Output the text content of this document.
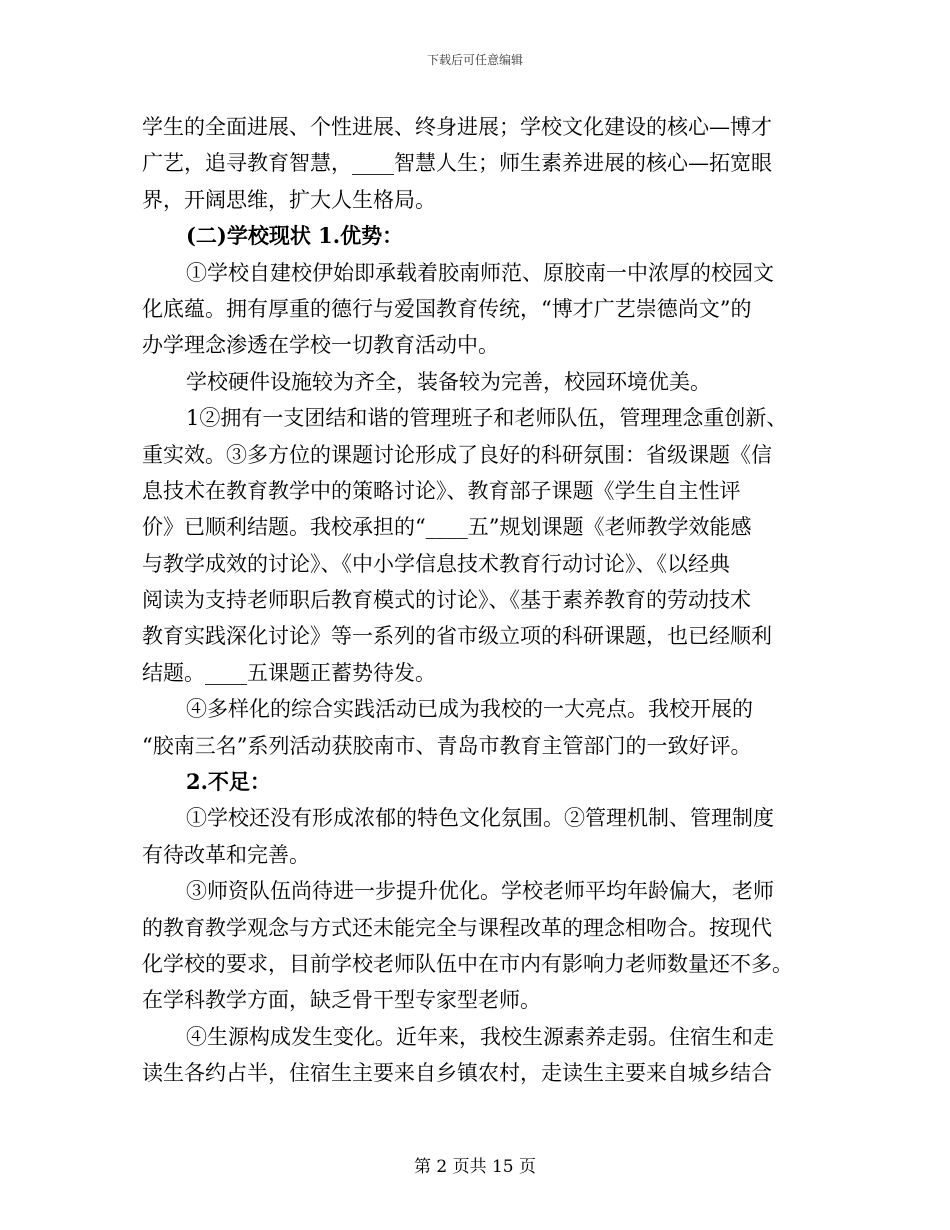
下载后可任意编辑
学生的全面进展、个性进展、终身进展；学校文化建设的核心—博才
广艺，追寻教育智慧，____智慧人生；师生素养进展的核心—拓宽眼
界，开阔思维，扩大人生格局。
(二)学校现状 1.优势：
①学校自建校伊始即承载着胶南师范、原胶南一中浓厚的校园文
化底蕴。拥有厚重的德行与爱国教育传统，“博才广艺崇德尚文”的
办学理念渗透在学校一切教育活动中。
学校硬件设施较为齐全，装备较为完善，校园环境优美。
1②拥有一支团结和谐的管理班子和老师队伍，管理理念重创新、
重实效。③多方位的课题讨论形成了良好的科研氛围：省级课题《信
息技术在教育教学中的策略讨论》、教育部子课题《学生自主性评
价》已顺利结题。我校承担的“____五”规划课题《老师教学效能感
与教学成效的讨论》、《中小学信息技术教育行动讨论》、《以经典
阅读为支持老师职后教育模式的讨论》、《基于素养教育的劳动技术
教育实践深化讨论》等一系列的省市级立项的科研课题，也已经顺利
结题。____五课题正蓄势待发。
④多样化的综合实践活动已成为我校的一大亮点。我校开展的
“胶南三名”系列活动获胶南市、青岛市教育主管部门的一致好评。
2.不足：
①学校还没有形成浓郁的特色文化氛围。②管理机制、管理制度
有待改革和完善。
③师资队伍尚待进一步提升优化。学校老师平均年龄偏大，老师
的教育教学观念与方式还未能完全与课程改革的理念相吻合。按现代
化学校的要求，目前学校老师队伍中在市内有影响力老师数量还不多。
在学科教学方面，缺乏骨干型专家型老师。
④生源构成发生变化。近年来，我校生源素养走弱。住宿生和走
读生各约占半，住宿生主要来自乡镇农村，走读生主要来自城乡结合
第 2 页共 15 页
